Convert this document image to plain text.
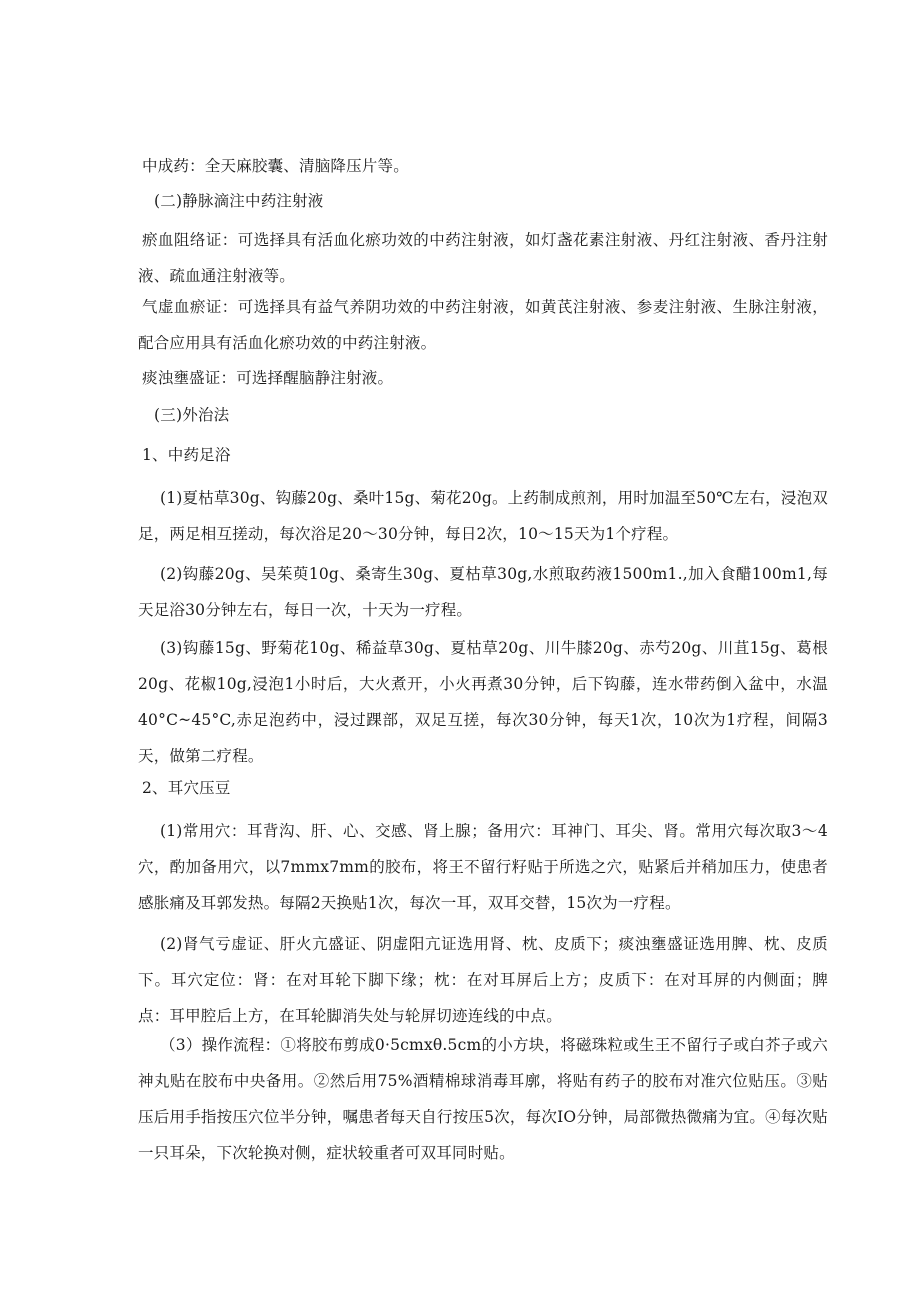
中成药：全天麻胶囊、清脑降压片等。

(二)静脉滴注中药注射液

瘀血阻络证：可选择具有活血化瘀功效的中药注射液，如灯盏花素注射液、丹红注射液、香丹注射液、疏血通注射液等。

气虚血瘀证：可选择具有益气养阴功效的中药注射液，如黄芪注射液、参麦注射液、生脉注射液，配合应用具有活血化瘀功效的中药注射液。

痰浊壅盛证：可选择醒脑静注射液。

(三)外治法

1、中药足浴

(1)夏枯草30g、钩藤20g、桑叶15g、菊花20g。上药制成煎剂，用时加温至50℃左右，浸泡双足，两足相互搓动，每次浴足20～30分钟，每日2次，10～15天为1个疗程。

(2)钩藤20g、吴茱萸10g、桑寄生30g、夏枯草30g,水煎取药液1500m1.,加入食醋100m1,每天足浴30分钟左右，每日一次，十天为一疗程。

(3)钩藤15g、野菊花10g、稀益草30g、夏枯草20g、川牛膝20g、赤芍20g、川苴15g、葛根20g、花椒10g,浸泡1小时后，大火煮开，小火再煮30分钟，后下钩藤，连水带药倒入盆中，水温40°C~45°C,赤足泡药中，浸过踝部，双足互搓，每次30分钟，每天1次，10次为1疗程，间隔3天，做第二疗程。

2、耳穴压豆

(1)常用穴：耳背沟、肝、心、交感、肾上腺；备用穴：耳神门、耳尖、肾。常用穴每次取3～4穴，酌加备用穴，以7mmx7mm的胶布，将王不留行籽贴于所选之穴，贴紧后并稍加压力，使患者感胀痛及耳郭发热。每隔2天换贴1次，每次一耳，双耳交替，15次为一疗程。

(2)肾气亏虚证、肝火亢盛证、阴虚阳亢证选用肾、枕、皮质下；痰浊壅盛证选用脾、枕、皮质下。耳穴定位：肾：在对耳轮下脚下缘；枕：在对耳屏后上方；皮质下：在对耳屏的内侧面；脾点：耳甲腔后上方，在耳轮脚消失处与轮屏切迹连线的中点。

（3）操作流程：①将胶布剪成0·5cmxθ.5cm的小方块，将磁珠粒或生王不留行子或白芥子或六神丸贴在胶布中央备用。②然后用75%酒精棉球消毒耳廓，将贴有药子的胶布对准穴位贴压。③贴压后用手指按压穴位半分钟，嘱患者每天自行按压5次，每次IO分钟，局部微热微痛为宜。④每次贴一只耳朵，下次轮换对侧，症状较重者可双耳同时贴。
